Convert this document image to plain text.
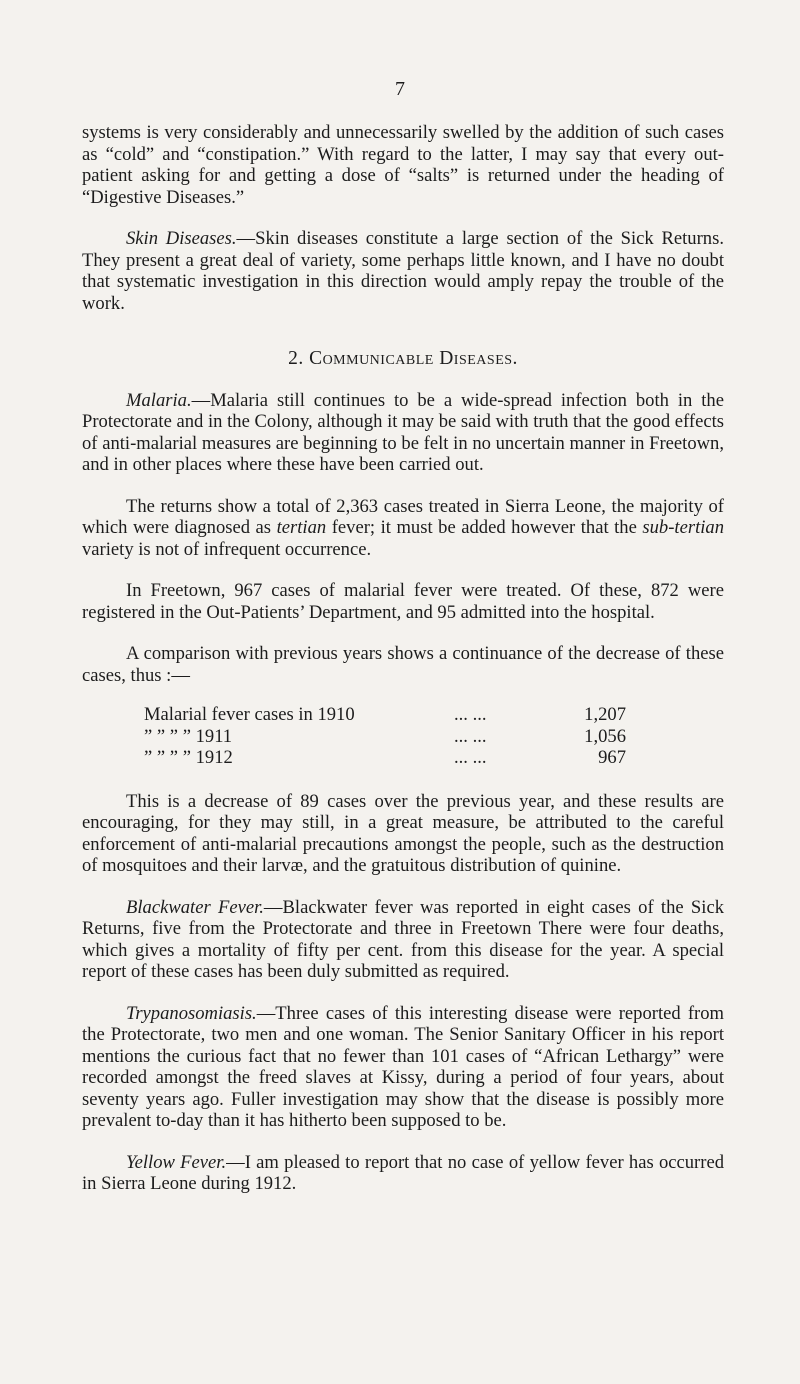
7

systems is very considerably and unnecessarily swelled by the addition of such cases as “cold” and “constipation.” With regard to the latter, I may say that every out-patient asking for and getting a dose of “salts” is returned under the heading of “Digestive Diseases.”

Skin Diseases.—Skin diseases constitute a large section of the Sick Returns. They present a great deal of variety, some perhaps little known, and I have no doubt that systematic investigation in this direction would amply repay the trouble of the work.

2. Communicable Diseases.

Malaria.—Malaria still continues to be a wide-spread infection both in the Protectorate and in the Colony, although it may be said with truth that the good effects of anti-malarial measures are beginning to be felt in no uncertain manner in Freetown, and in other places where these have been carried out.

The returns show a total of 2,363 cases treated in Sierra Leone, the majority of which were diagnosed as tertian fever; it must be added however that the sub-tertian variety is not of infrequent occurrence.

In Freetown, 967 cases of malarial fever were treated. Of these, 872 were registered in the Out-Patients’ Department, and 95 admitted into the hospital.

A comparison with previous years shows a continuance of the decrease of these cases, thus :—

Malarial fever cases in 1910	... ...	1,207
” ” ” ” 1911	... ...	1,056
” ” ” ” 1912	... ...	967

This is a decrease of 89 cases over the previous year, and these results are encouraging, for they may still, in a great measure, be attributed to the careful enforcement of anti-malarial precautions amongst the people, such as the destruction of mosquitoes and their larvæ, and the gratuitous distribution of quinine.

Blackwater Fever.—Blackwater fever was reported in eight cases of the Sick Returns, five from the Protectorate and three in Freetown There were four deaths, which gives a mortality of fifty per cent. from this disease for the year. A special report of these cases has been duly submitted as required.

Trypanosomiasis.—Three cases of this interesting disease were reported from the Protectorate, two men and one woman. The Senior Sanitary Officer in his report mentions the curious fact that no fewer than 101 cases of “African Lethargy” were recorded amongst the freed slaves at Kissy, during a period of four years, about seventy years ago. Fuller investigation may show that the disease is possibly more prevalent to-day than it has hitherto been supposed to be.

Yellow Fever.—I am pleased to report that no case of yellow fever has occurred in Sierra Leone during 1912.
